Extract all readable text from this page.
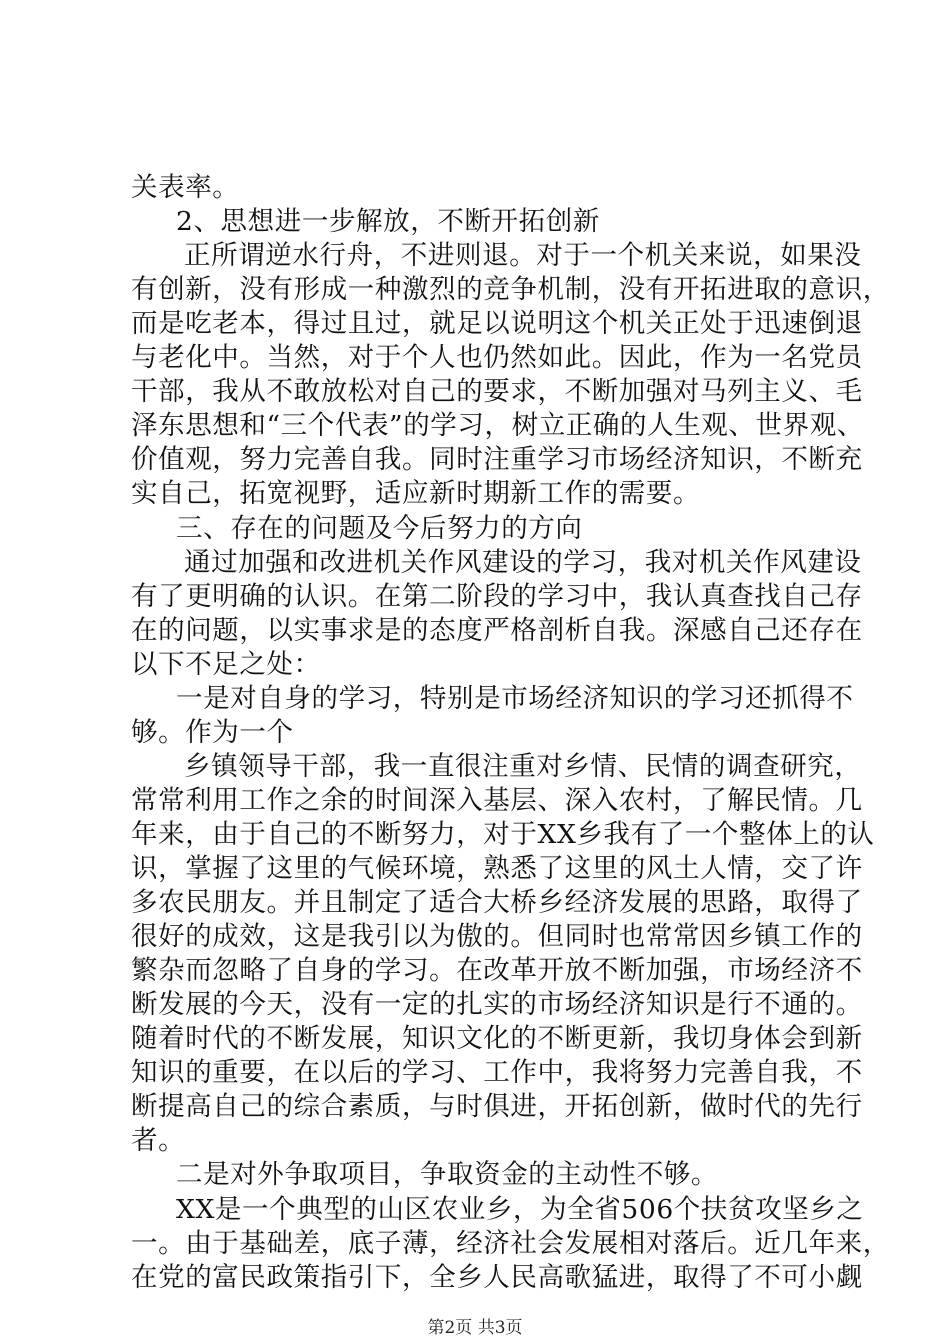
关表率。
2、思想进一步解放，不断开拓创新
正所谓逆水行舟，不进则退。对于一个机关来说，如果没
有创新，没有形成一种激烈的竞争机制，没有开拓进取的意识，
而是吃老本，得过且过，就足以说明这个机关正处于迅速倒退
与老化中。当然，对于个人也仍然如此。因此，作为一名党员
干部，我从不敢放松对自己的要求，不断加强对马列主义、毛
泽东思想和“三个代表”的学习，树立正确的人生观、世界观、
价值观，努力完善自我。同时注重学习市场经济知识，不断充
实自己，拓宽视野，适应新时期新工作的需要。
三、存在的问题及今后努力的方向
通过加强和改进机关作风建设的学习，我对机关作风建设
有了更明确的认识。在第二阶段的学习中，我认真查找自己存
在的问题，以实事求是的态度严格剖析自我。深感自己还存在
以下不足之处：
一是对自身的学习，特别是市场经济知识的学习还抓得不
够。作为一个
乡镇领导干部，我一直很注重对乡情、民情的调查研究，
常常利用工作之余的时间深入基层、深入农村，了解民情。几
年来，由于自己的不断努力，对于XX乡我有了一个整体上的认
识，掌握了这里的气候环境，熟悉了这里的风土人情，交了许
多农民朋友。并且制定了适合大桥乡经济发展的思路，取得了
很好的成效，这是我引以为傲的。但同时也常常因乡镇工作的
繁杂而忽略了自身的学习。在改革开放不断加强，市场经济不
断发展的今天，没有一定的扎实的市场经济知识是行不通的。
随着时代的不断发展，知识文化的不断更新，我切身体会到新
知识的重要，在以后的学习、工作中，我将努力完善自我，不
断提高自己的综合素质，与时俱进，开拓创新，做时代的先行
者。
二是对外争取项目，争取资金的主动性不够。
XX是一个典型的山区农业乡，为全省506个扶贫攻坚乡之
一。由于基础差，底子薄，经济社会发展相对落后。近几年来，
在党的富民政策指引下，全乡人民高歌猛进，取得了不可小觑
第2页 共3页
